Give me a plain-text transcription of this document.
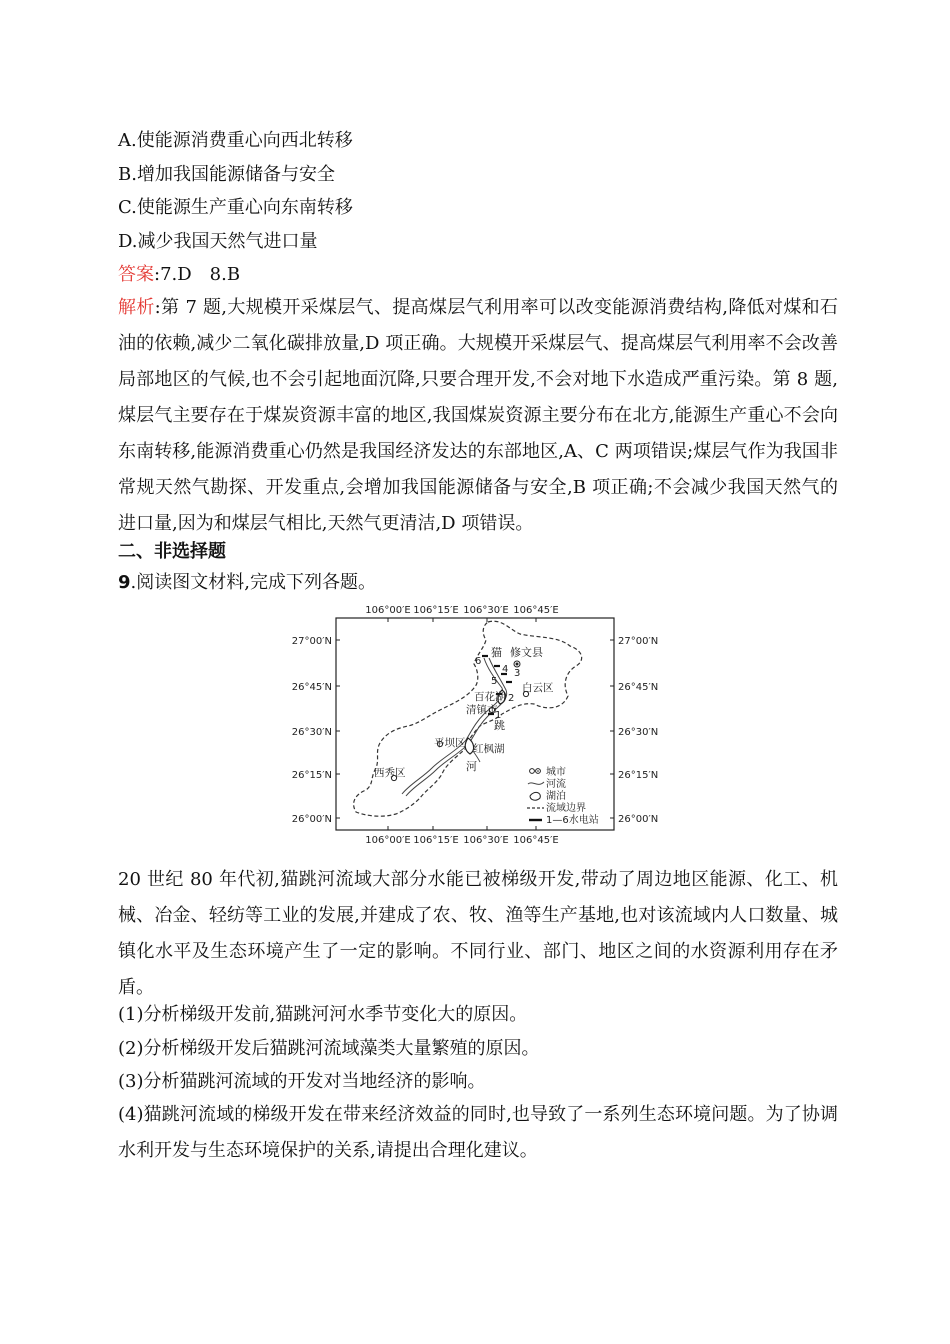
A.使能源消费重心向西北转移
B.增加我国能源储备与安全
C.使能源生产重心向东南转移
D.减少我国天然气进口量
答案:7.D　8.B
解析:第 7 题,大规模开采煤层气、提高煤层气利用率可以改变能源消费结构,降低对煤和石油的依赖,减少二氧化碳排放量,D 项正确。大规模开采煤层气、提高煤层气利用率不会改善局部地区的气候,也不会引起地面沉降,只要合理开发,不会对地下水造成严重污染。第 8 题,煤层气主要存在于煤炭资源丰富的地区,我国煤炭资源主要分布在北方,能源生产重心不会向东南转移,能源消费重心仍然是我国经济发达的东部地区,A、C 两项错误;煤层气作为我国非常规天然气勘探、开发重点,会增加我国能源储备与安全,B 项正确;不会减少我国天然气的进口量,因为和煤层气相比,天然气更清洁,D 项错误。
二、非选择题
9.阅读图文材料,完成下列各题。
106°00′E 106°15′E 106°30′E 106°45′E
106°00′E 106°15′E 106°30′E 106°45′E
27°00′N
26°45′N
26°30′N
26°15′N
26°00′N
27°00′N
26°45′N
26°30′N
26°15′N
26°00′N
6
4 3
5
2
1
猫 修文县
白云区
百花湖
清镇市
跳
平坝区 红枫湖
河
西秀区	城市
河流
湖泊
流域边界
1—6水电站
20 世纪 80 年代初,猫跳河流域大部分水能已被梯级开发,带动了周边地区能源、化工、机械、冶金、轻纺等工业的发展,并建成了农、牧、渔等生产基地,也对该流域内人口数量、城镇化水平及生态环境产生了一定的影响。不同行业、部门、地区之间的水资源利用存在矛盾。
(1)分析梯级开发前,猫跳河河水季节变化大的原因。
(2)分析梯级开发后猫跳河流域藻类大量繁殖的原因。
(3)分析猫跳河流域的开发对当地经济的影响。
(4)猫跳河流域的梯级开发在带来经济效益的同时,也导致了一系列生态环境问题。为了协调水利开发与生态环境保护的关系,请提出合理化建议。
